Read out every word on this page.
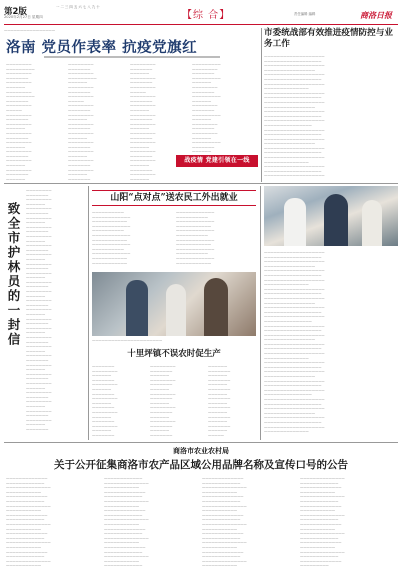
第2版
2020年2月27日 星期四
一 二 三 四 五 六 七 八 九 十
【综 合】	责任编辑 编辑	商洛日报
————————————————
洛南 党员作表率 抗疫党旗红
————————
—————————
————————
———————
————————
——————
————————
—————————
———————
————————
—————
————————
———————
————————
——————
————————
———————
————————
——————
————————
———————
————————
——————
————————
———————
——————
————————
———————
————————
—————————
——————
————————
———————
————————
—————
————————
———————
————————
——————
————————
———————
————————
——————
————————
———————
————————
——————
————————
———————
————————
——————
———————
————————
———————
——————
————————
———————
————————
—————
————————
———————
————————
——————
————————
———————
————————
——————
————————
———————
————————
——————
————————
———————
————————
——————
———————
————————
——————
—————————
————————
———————
—————————
——————
————————
———————
—————————
——————
————————
———————
—————————
——————
————————
———————
————————
——————
—————————
———————
——————
战疫情 党建引领在一线
市委统战部有效推进疫情防控与业务工作
———————————————————
——————————————————
———————————————————
————————————————
———————————————————
——————————————————
———————————————————
——————————————
———————————————————
——————————————————
———————————————————
————————————————
———————————————————
——————————————————
———————————————————
———————————————
———————————————————
——————————————————
———————————————————
————————————————
———————————————————
——————————————————
———————————————————
——————————————
———————————————————
——————————————————
———————————————————
致全市护林员的一封信
————————
———————
————————
——————
————————
———————
————————
——————
————————
———————
————————
——————
————————
———————
————————
——————
————————
———————
————————
——————
————————
———————
————————
——————
————————
———————
————————
——————
————————
———————
————————
——————
————————
———————
————————
——————
————————
———————
————————
——————
————————
———————
————————
——————
————————
———————
————————
——————
————————
———————
————————
——————
———————
山阳“点对点”送农民工外出就业
——————————
————————————
———————————
————————————
——————————
————————————
———————————
————————————
——————————
————————————
———————————
———————————
————————————
——————————
————————————
———————————
————————————
——————————
————————————
———————————
————————————
——————————
————————————
———————————
——————————————————————
十里坪镇不误农时促生产
———————
————————
——————
———————
————————
——————
———————
————————
——————
———————
————————
——————
———————
————————
——————
———————
————————
———————
——————
————————
———————
——————
————————
———————
——————
————————
———————
——————
————————
———————
——————
———————
——————
———————
——————
———————
——————
———————
——————
———————
——————
———————
——————
———————
——————
———————
——————
—————
———————————————————
——————————————————
———————————————————
————————————————
———————————————————
——————————————————
———————————————————
——————————————
———————————————————
——————————————————
———————————————————
————————————————
———————————————————
——————————————————
———————————————————
———————————————
———————————————————
——————————————————
———————————————————
————————————————
———————————————————
——————————————————
———————————————————
——————————————
———————————————————
——————————————————
———————————————————
————————————————
———————————————————
——————————————————
———————————————————
———————————————
———————————————————
——————————————————
———————————————————
————————————————
———————————————————
——————————————————
———————————————————
——————————————
商洛市农业农村局
关于公开征集商洛市农产品区域公用品牌名称及宣传口号的公告
—————————————
————————————
——————————————
———————————
—————————————
————————————
——————————————
———————————
—————————————
————————————
——————————————
———————————
—————————————
————————————
——————————————
———————————
—————————————
————————————
——————————————
———————————
————————————
——————————————
———————————
—————————————
————————————
——————————————
———————————
—————————————
————————————
——————————————
———————————
—————————————
————————————
——————————————
———————————
—————————————
————————————
——————————————
———————————
————————————
—————————————
————————————
——————————————
———————————
—————————————
————————————
——————————————
———————————
—————————————
————————————
——————————————
———————————
—————————————
————————————
——————————————
———————————
—————————————
————————————
——————————————
———————————
——————————————
————————————
—————————————
———————————
——————————————
————————————
—————————————
———————————
——————————————
————————————
—————————————
———————————
——————————————
————————————
—————————————
———————————
——————————————
————————————
—————————————
—————————
